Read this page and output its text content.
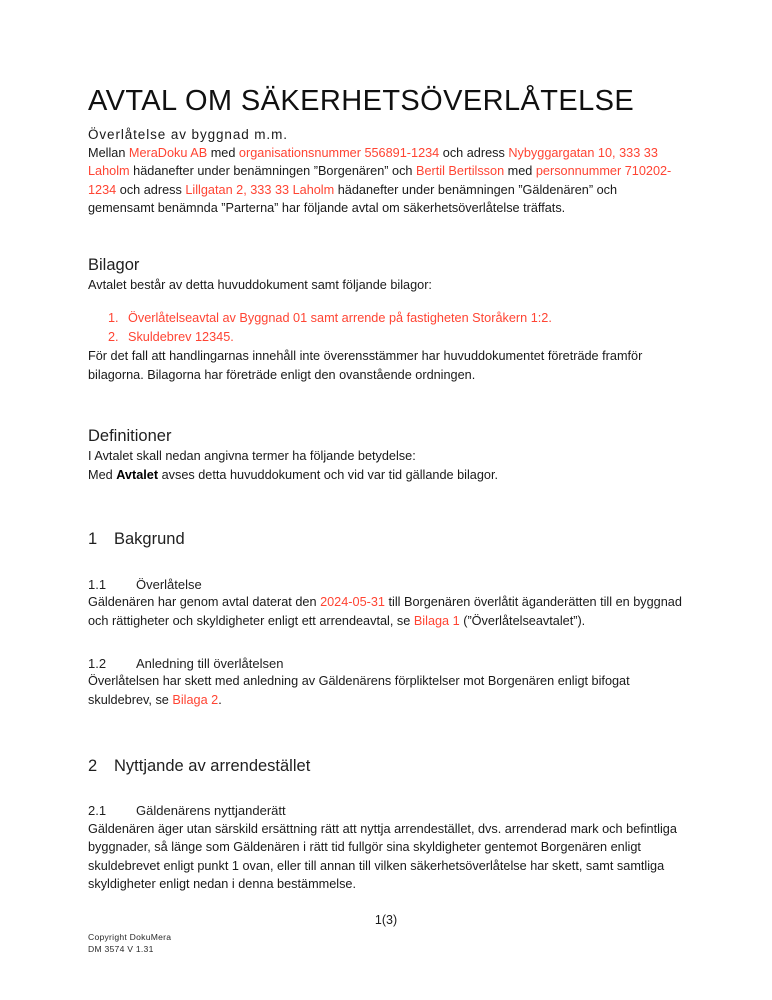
AVTAL OM SÄKERHETSÖVERLÅTELSE
Överlåtelse av byggnad m.m.

Mellan MeraDoku AB med organisationsnummer 556891-1234 och adress Nybyggargatan 10, 333 33 Laholm hädanefter under benämningen ”Borgenären” och Bertil Bertilsson med personnummer 710202-1234 och adress Lillgatan 2, 333 33 Laholm hädanefter under benämningen ”Gäldenären” och gemensamt benämnda ”Parterna” har följande avtal om säkerhetsöverlåtelse träffats.

Bilagor

Avtalet består av detta huvuddokument samt följande bilagor:

1. Överlåtelseavtal av Byggnad 01 samt arrende på fastigheten Storåkern 1:2.
2. Skuldebrev 12345.

För det fall att handlingarnas innehåll inte överensstämmer har huvuddokumentet företräde framför bilagorna. Bilagorna har företräde enligt den ovanstående ordningen.

Definitioner

I Avtalet skall nedan angivna termer ha följande betydelse:

Med Avtalet avses detta huvuddokument och vid var tid gällande bilagor.

1 Bakgrund
1.1 Överlåtelse

Gäldenären har genom avtal daterat den 2024-05-31 till Borgenären överlåtit äganderätten till en byggnad och rättigheter och skyldigheter enligt ett arrendeavtal, se Bilaga 1 (”Överlåtelseavtalet”).

1.2 Anledning till överlåtelsen

Överlåtelsen har skett med anledning av Gäldenärens förpliktelser mot Borgenären enligt bifogat skuldebrev, se Bilaga 2.

2 Nyttjande av arrendestället
2.1 Gäldenärens nyttjanderätt

Gäldenären äger utan särskild ersättning rätt att nyttja arrendestället, dvs. arrenderad mark och befintliga byggnader, så länge som Gäldenären i rätt tid fullgör sina skyldigheter gentemot Borgenären enligt skuldebrevet enligt punkt 1 ovan, eller till annan till vilken säkerhetsöverlåtelse har skett, samt samtliga skyldigheter enligt nedan i denna bestämmelse.

1(3)
Copyright DokuMera
DM 3574 V 1.31
